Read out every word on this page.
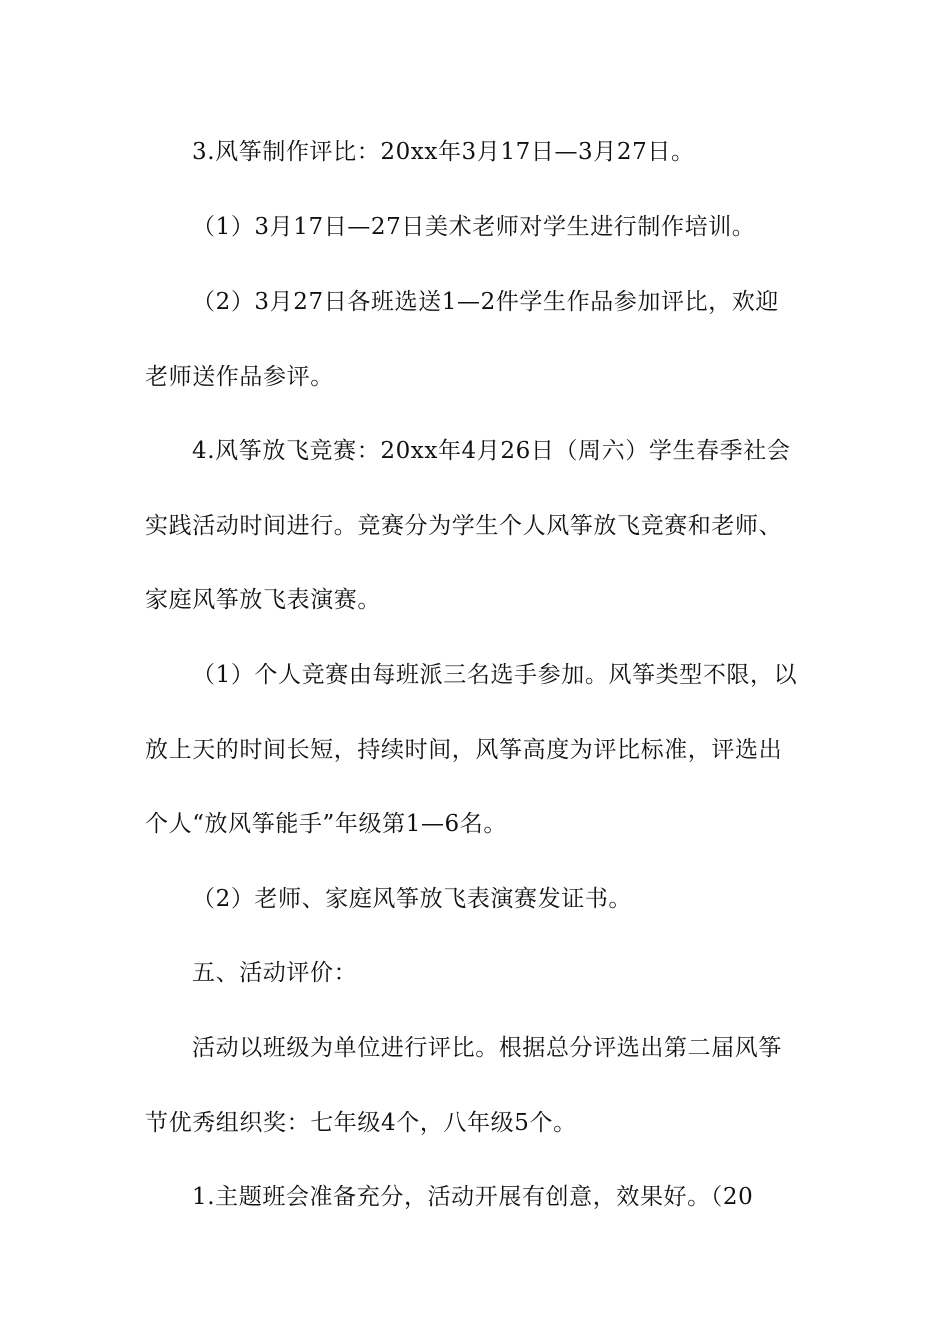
3.风筝制作评比：20xx年3月17日—3月27日。
（1）3月17日—27日美术老师对学生进行制作培训。
（2）3月27日各班选送1—2件学生作品参加评比，欢迎
老师送作品参评。
4.风筝放飞竞赛：20xx年4月26日（周六）学生春季社会
实践活动时间进行。竞赛分为学生个人风筝放飞竞赛和老师、
家庭风筝放飞表演赛。
（1）个人竞赛由每班派三名选手参加。风筝类型不限，以
放上天的时间长短，持续时间，风筝高度为评比标准，评选出
个人“放风筝能手”年级第1—6名。
（2）老师、家庭风筝放飞表演赛发证书。
五、活动评价：
活动以班级为单位进行评比。根据总分评选出第二届风筝
节优秀组织奖：七年级4个，八年级5个。
1.主题班会准备充分，活动开展有创意，效果好。（20
